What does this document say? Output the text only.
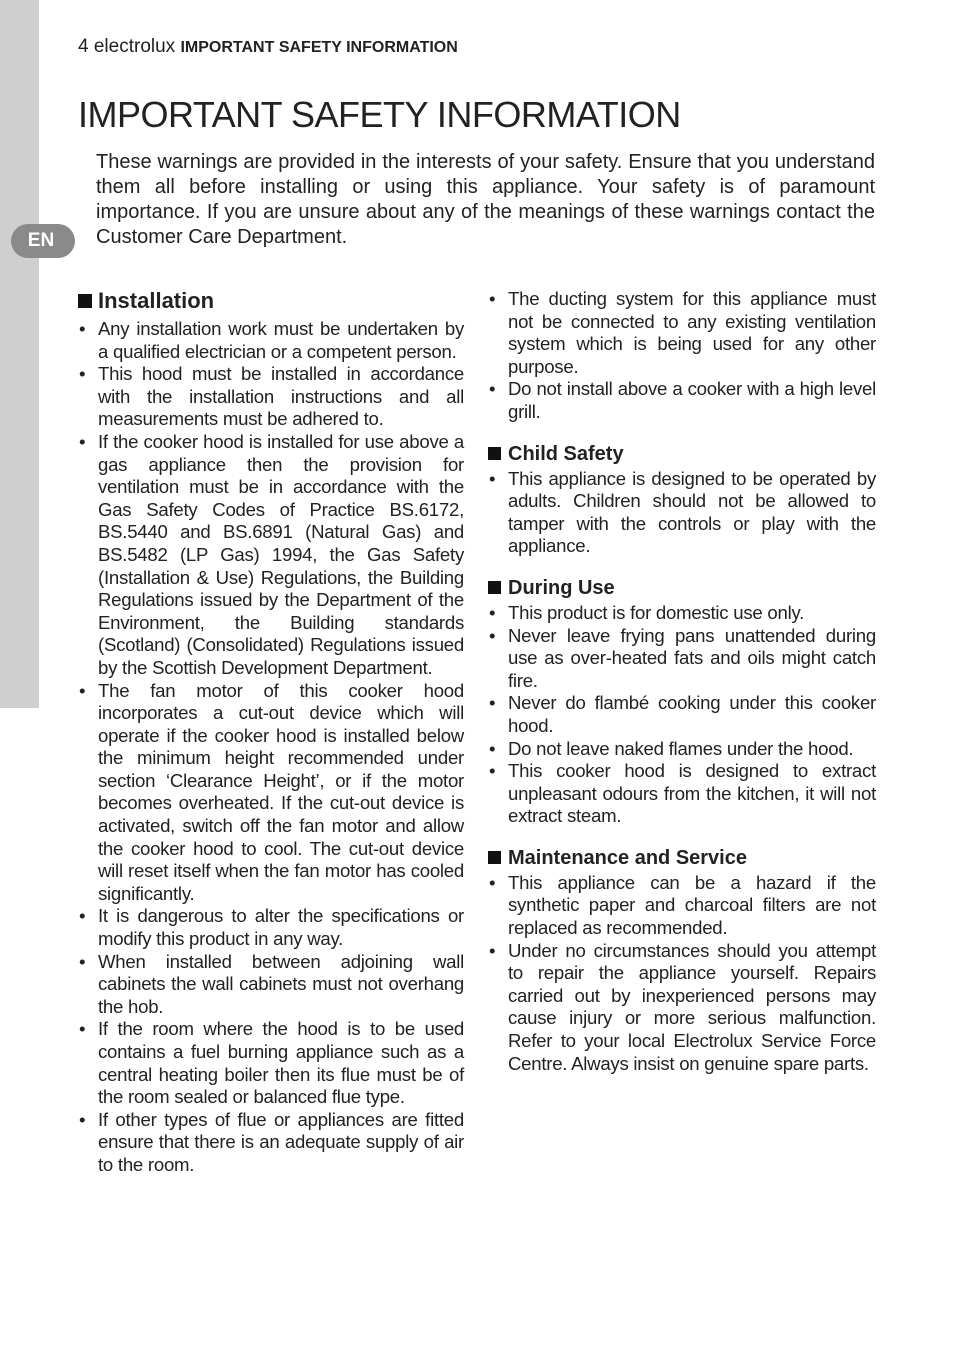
EN
4 electrolux IMPORTANT SAFETY INFORMATION
IMPORTANT SAFETY INFORMATION

These warnings are provided in the interests of your safety. Ensure that you understand them all before installing or using this appliance. Your safety is of paramount importance. If you are unsure about any of the meanings of these warnings contact the Customer Care Department.

Installation
• Any installation work must be undertaken by a qualified electrician or a competent person.
• This hood must be installed in accordance with the installation instructions and all measurements must be adhered to.
• If the cooker hood is installed for use above a gas appliance then the provision for ventilation must be in accordance with the Gas Safety Codes of Practice BS.6172, BS.5440 and BS.6891 (Natural Gas) and BS.5482 (LP Gas) 1994, the Gas Safety (Installation & Use) Regulations, the Building Regulations issued by the Department of the Environment, the Building standards (Scotland) (Consolidated) Regulations issued by the Scottish Development Department.
• The fan motor of this cooker hood incorporates a cut-out device which will operate if the cooker hood is installed below the minimum height recommended under section ‘Clearance Height’, or if the motor becomes overheated. If the cut-out device is activated, switch off the fan motor and allow the cooker hood to cool. The cut-out device will reset itself when the fan motor has cooled significantly.
• It is dangerous to alter the specifications or modify this product in any way.
• When installed between adjoining wall cabinets the wall cabinets must not overhang the hob.
• If the room where the hood is to be used contains a fuel burning appliance such as a central heating boiler then its flue must be of the room sealed or balanced flue type.
• If other types of flue or appliances are fitted ensure that there is an adequate supply of air to the room.
• The ducting system for this appliance must not be connected to any existing ventilation system which is being used for any other purpose.
• Do not install above a cooker with a high level grill.
Child Safety
• This appliance is designed to be operated by adults. Children should not be allowed to tamper with the controls or play with the appliance.
During Use
• This product is for domestic use only.
• Never leave frying pans unattended during use as over-heated fats and oils might catch fire.
• Never do flambé cooking under this cooker hood.
• Do not leave naked flames under the hood.
• This cooker hood is designed to extract unpleasant odours from the kitchen, it will not extract steam.
Maintenance and Service
• This appliance can be a hazard if the synthetic paper and charcoal filters are not replaced as recommended.
• Under no circumstances should you attempt to repair the appliance yourself. Repairs carried out by inexperienced persons may cause injury or more serious malfunction. Refer to your local Electrolux Service Force Centre. Always insist on genuine spare parts.
